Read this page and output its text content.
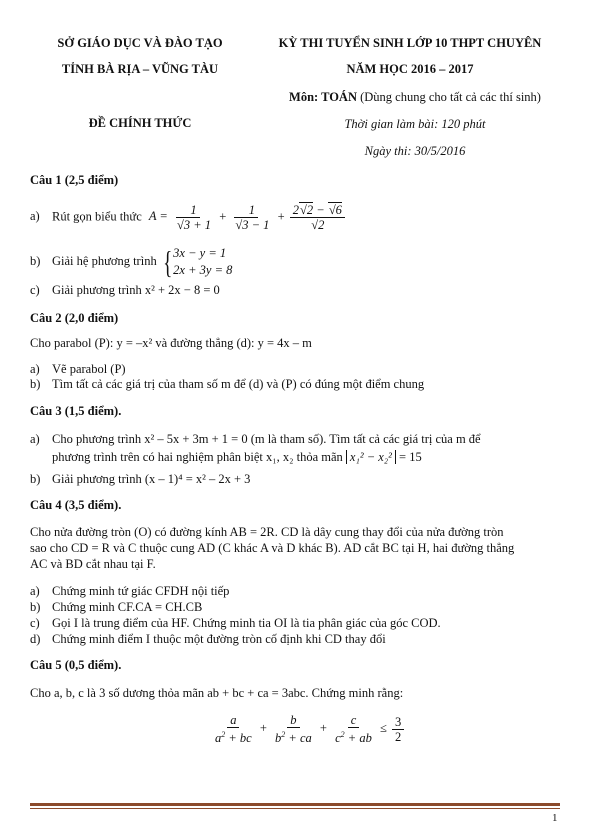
SỞ GIÁO DỤC VÀ ĐÀO TẠO
TỈNH BÀ RỊA – VŨNG TÀU
KỲ THI TUYỂN SINH LỚP 10 THPT CHUYÊN
NĂM HỌC 2016 – 2017
Môn: TOÁN (Dùng chung cho tất cả các thí sinh)
ĐỀ CHÍNH THỨC	Thời gian làm bài: 120 phút
Ngày thi: 30/5/2016
Câu 1 (2,5 điểm)
a) Rút gọn biểu thức $A = \frac{1}{√3 + 1} + \frac{1}{√3 - 1} + \frac{2√2 - √6}{√2}$
b) Giải hệ phương trình { 3x − y = 1
2x + 3y = 8
c) Giải phương trình x² + 2x − 8 = 0
Câu 2 (2,0 điểm)
Cho parabol (P): y = –x² và đường thẳng (d): y = 4x – m
a) Vẽ parabol (P)
b) Tìm tất cả các giá trị của tham số m để (d) và (P) có đúng một điểm chung
Câu 3 (1,5 điểm).
a) Cho phương trình x² – 5x + 3m + 1 = 0 (m là tham số). Tìm tất cả các giá trị của m để
phương trình trên có hai nghiệm phân biệt x₁, x₂ thỏa mãn x₁² − x₂² = 15
b) Giải phương trình (x – 1)⁴ = x² – 2x + 3
Câu 4 (3,5 điểm).
Cho nửa đường tròn (O) có đường kính AB = 2R. CD là dây cung thay đổi của nửa đường tròn
sao cho CD = R và C thuộc cung AD (C khác A và D khác B). AD cắt BC tại H, hai đường thẳng
AC và BD cắt nhau tại F.
a) Chứng minh tứ giác CFDH nội tiếp
b) Chứng minh CF.CA = CH.CB
c) Gọi I là trung điểm của HF. Chứng minh tia OI là tia phân giác của góc COD.
d) Chứng minh điểm I thuộc một đường tròn cố định khi CD thay đổi
Câu 5 (0,5 điểm).
Cho a, b, c là 3 số dương thỏa mãn ab + bc + ca = 3abc. Chứng minh rằng:
$\frac{a}{a^2 + bc} + \frac{b}{b^2 + ca} + \frac{c}{c^2 + ab} \le \frac{3}{2}$
1
